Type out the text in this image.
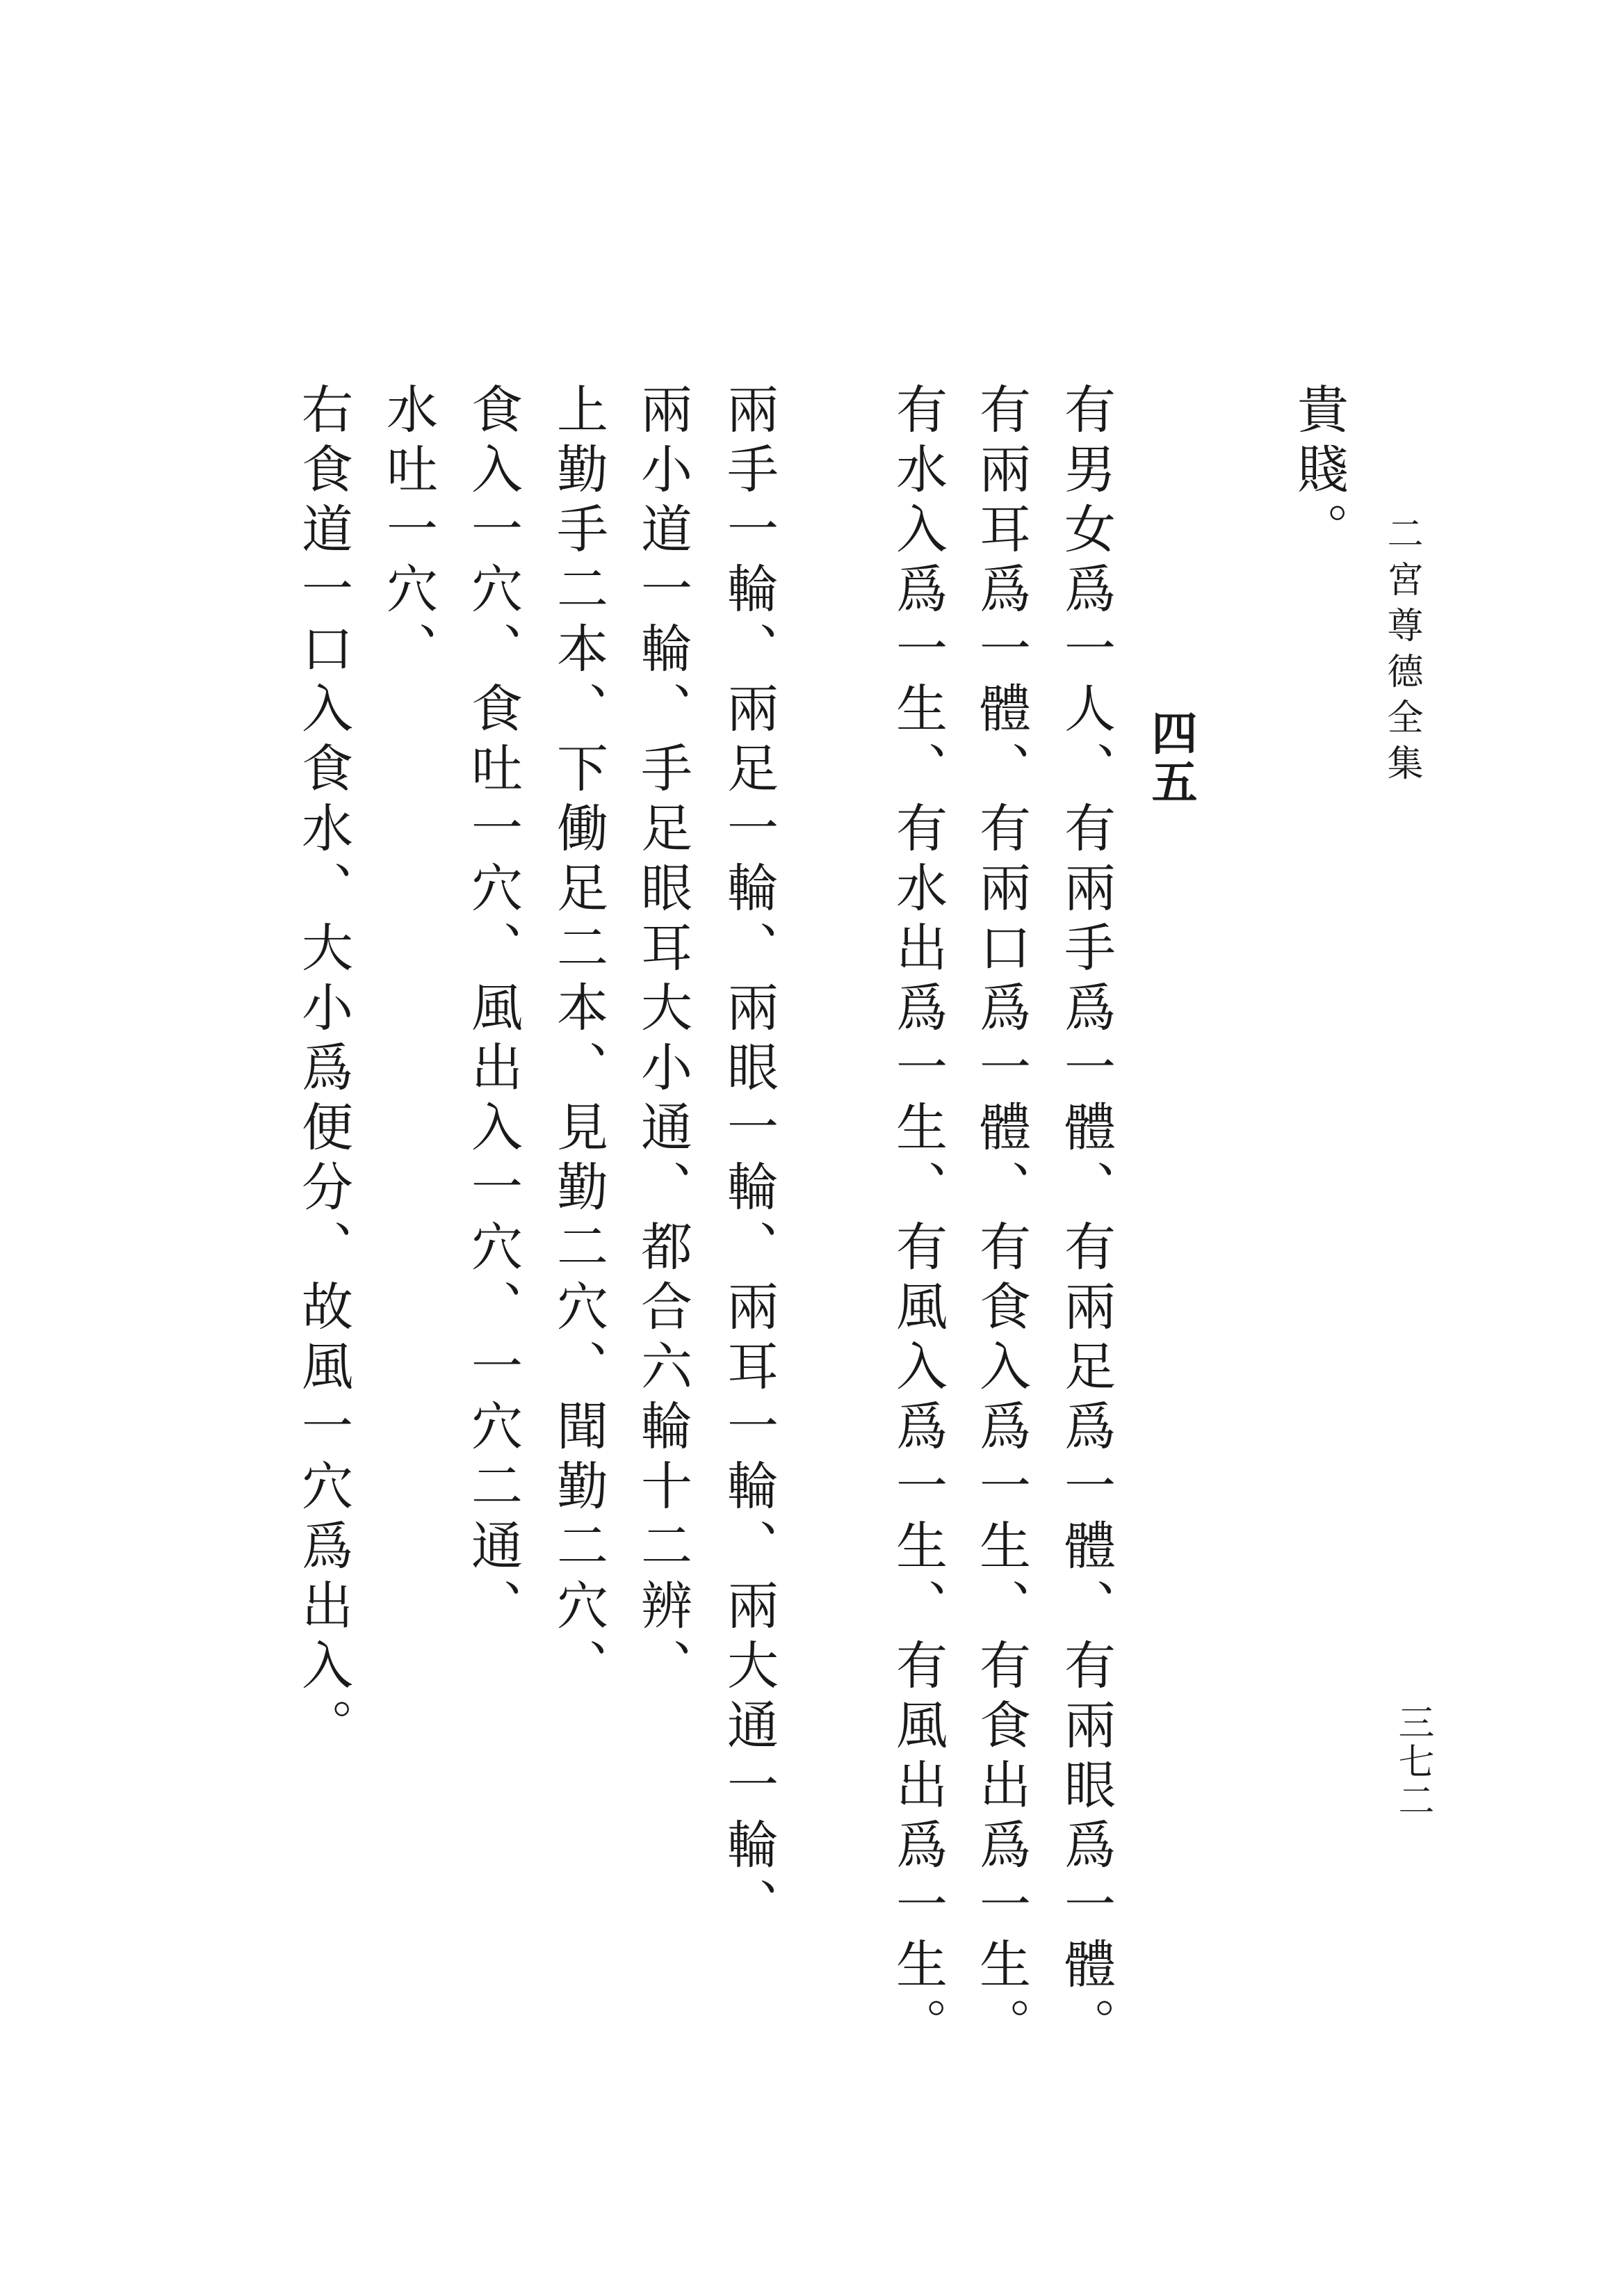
二宮尊德全集
三七二
貴賤。
四五
有男女爲一人、有兩手爲一體、有兩足爲一體、有兩眼爲一體。
有兩耳爲一體、有兩口爲一體、有食入爲一生、有食出爲一生。
有水入爲一生、有水出爲一生、有風入爲一生、有風出爲一生。
兩手一輪、兩足一輪、兩眼一輪、兩耳一輪、兩大通一輪、
兩小道一輪、手足眼耳大小通、都合六輪十二辨、
上勤手二本、下働足二本、見勤二穴、聞勤二穴、
食入一穴、食吐一穴、風出入一穴、一穴二通、
水吐一穴、
右食道一口入食水、大小爲便分、故風一穴爲出入。
